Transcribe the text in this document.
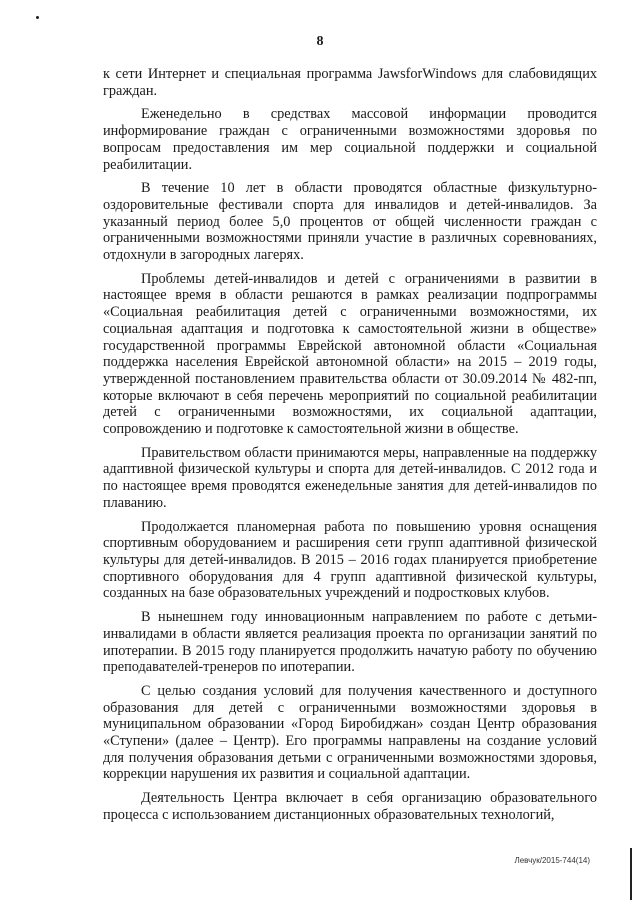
8

к сети Интернет и специальная программа JawsforWindows для слабовидящих граждан.

Еженедельно в средствах массовой информации проводится информирование граждан с ограниченными возможностями здоровья по вопросам предоставления им мер социальной поддержки и социальной реабилитации.

В течение 10 лет в области проводятся областные физкультурно-оздоровительные фестивали спорта для инвалидов и детей-инвалидов. За указанный период более 5,0 процентов от общей численности граждан с ограниченными возможностями приняли участие в различных соревнованиях, отдохнули в загородных лагерях.

Проблемы детей-инвалидов и детей с ограничениями в развитии в настоящее время в области решаются в рамках реализации подпрограммы «Социальная реабилитация детей с ограниченными возможностями, их социальная адаптация и подготовка к самостоятельной жизни в обществе» государственной программы Еврейской автономной области «Социальная поддержка населения Еврейской автономной области» на 2015 – 2019 годы, утвержденной постановлением правительства области от 30.09.2014 № 482-пп, которые включают в себя перечень мероприятий по социальной реабилитации детей с ограниченными возможностями, их социальной адаптации, сопровождению и подготовке к самостоятельной жизни в обществе.

Правительством области принимаются меры, направленные на поддержку адаптивной физической культуры и спорта для детей-инвалидов. С 2012 года и по настоящее время проводятся еженедельные занятия для детей-инвалидов по плаванию.

Продолжается планомерная работа по повышению уровня оснащения спортивным оборудованием и расширения сети групп адаптивной физической культуры для детей-инвалидов. В 2015 – 2016 годах планируется приобретение спортивного оборудования для 4 групп адаптивной физической культуры, созданных на базе образовательных учреждений и подростковых клубов.

В нынешнем году инновационным направлением по работе с детьми-инвалидами в области является реализация проекта по организации занятий по ипотерапии. В 2015 году планируется продолжить начатую работу по обучению преподавателей-тренеров по ипотерапии.

С целью создания условий для получения качественного и доступного образования для детей с ограниченными возможностями здоровья в муниципальном образовании «Город Биробиджан» создан Центр образования «Ступени» (далее – Центр). Его программы направлены на создание условий для получения образования детьми с ограниченными возможностями здоровья, коррекции нарушения их развития и социальной адаптации.

Деятельность Центра включает в себя организацию образовательного процесса с использованием дистанционных образовательных технологий,

Левчук/2015-744(14)
